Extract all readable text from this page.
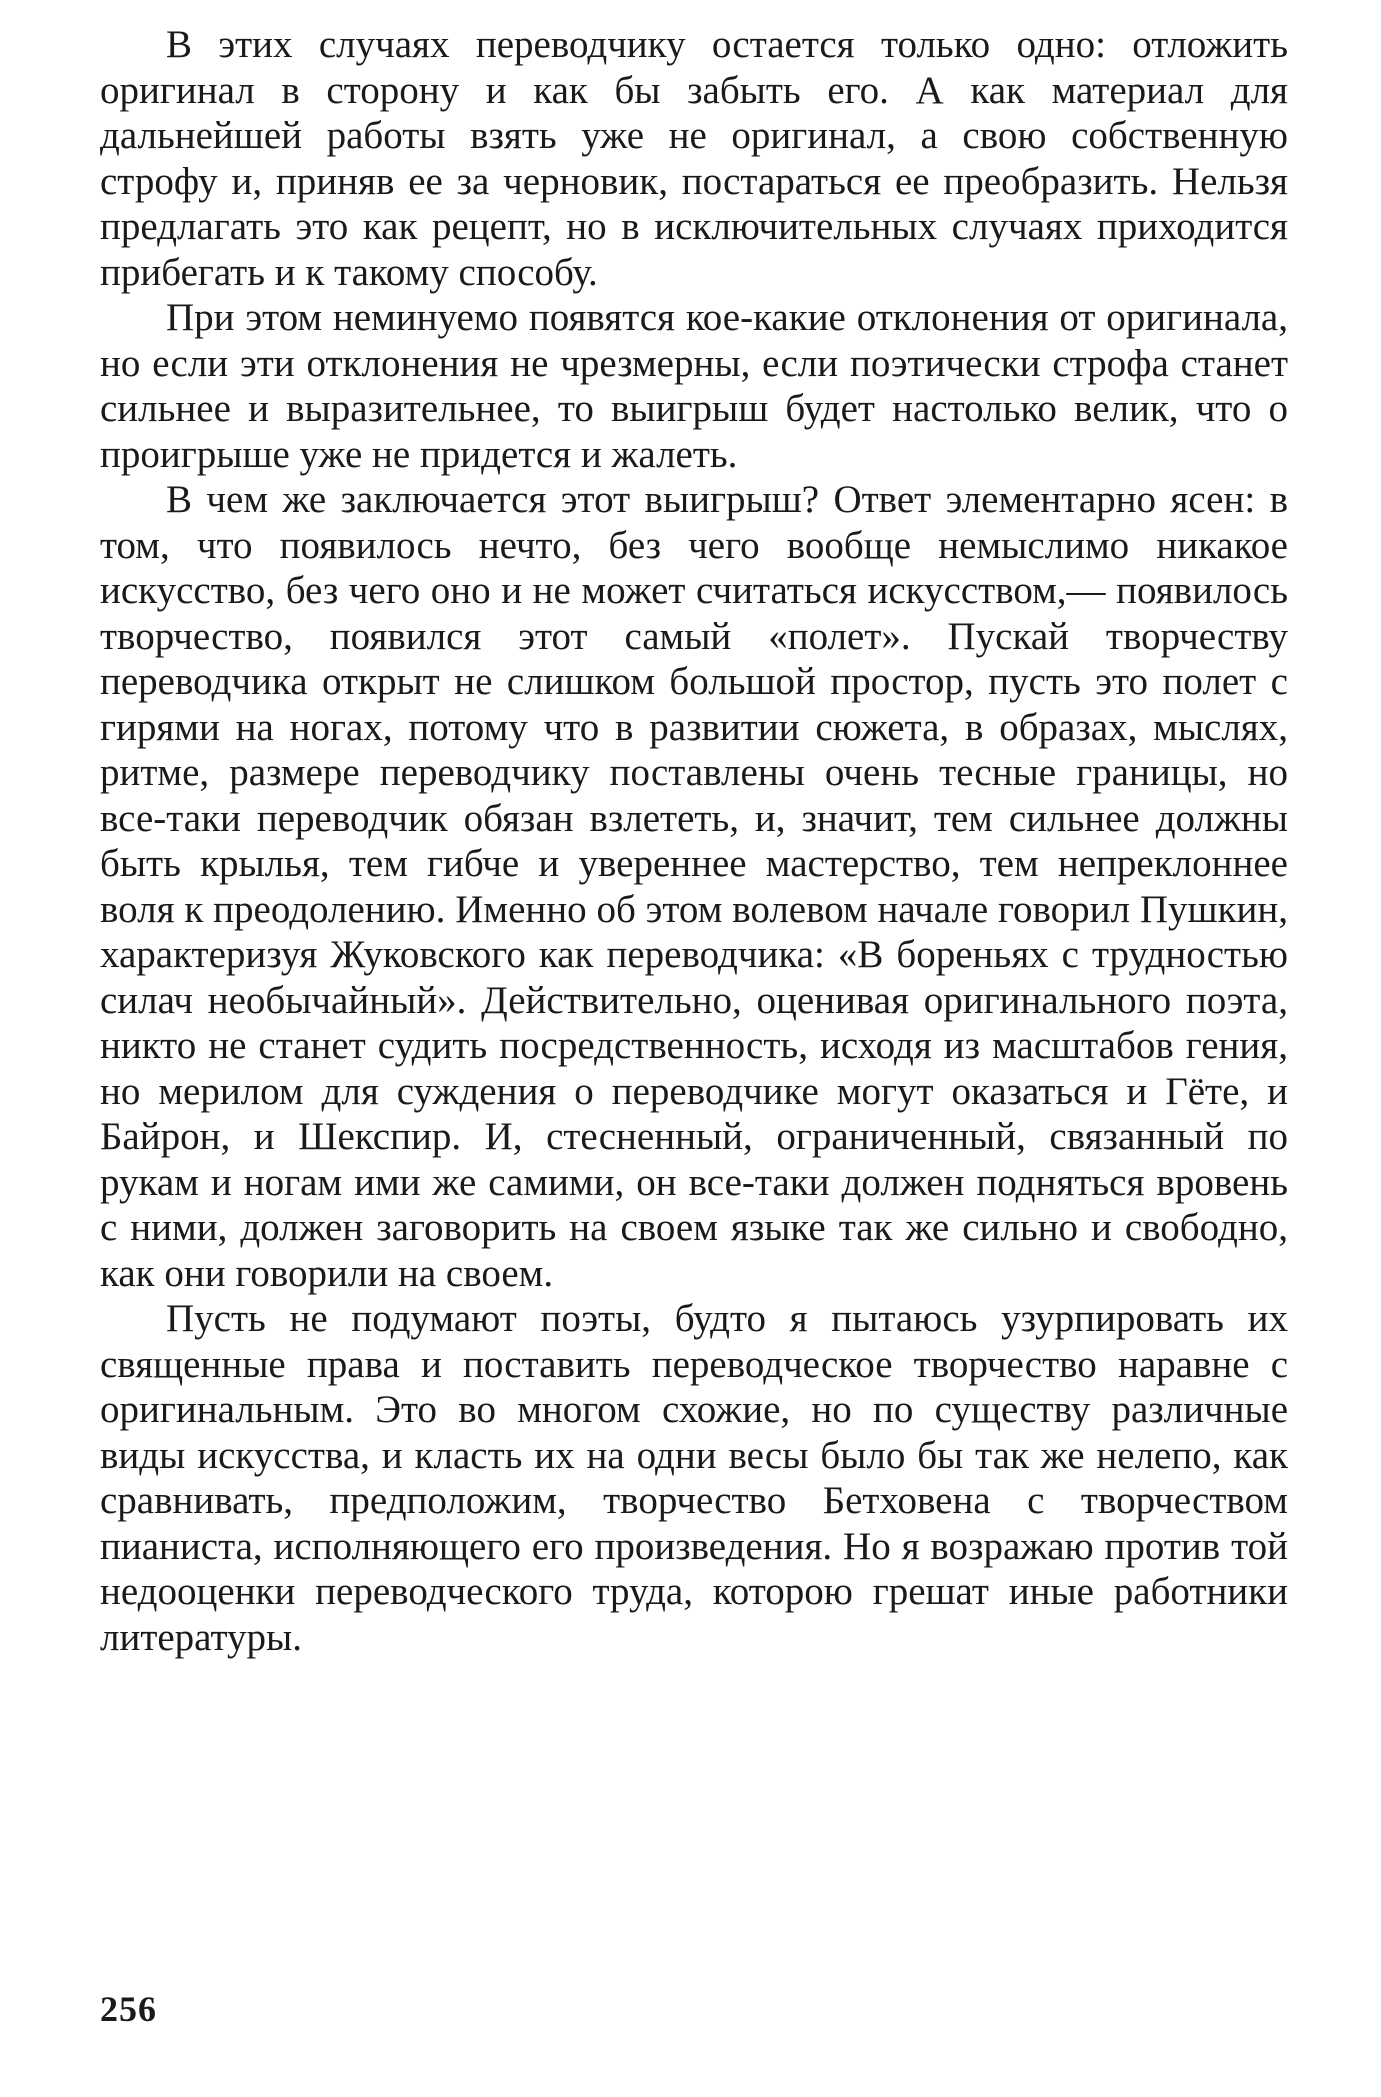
В этих случаях переводчику остается только одно: отложить оригинал в сторону и как бы забыть его. А как материал для дальнейшей работы взять уже не оригинал, а свою собственную строфу и, приняв ее за черновик, постараться ее преобразить. Нельзя предлагать это как рецепт, но в исключительных случаях приходится прибегать и к такому способу.

При этом неминуемо появятся кое-какие отклонения от оригинала, но если эти отклонения не чрезмерны, если поэтически строфа станет сильнее и выразительнее, то выигрыш будет настолько велик, что о проигрыше уже не придется и жалеть.

В чем же заключается этот выигрыш? Ответ элементарно ясен: в том, что появилось нечто, без чего вообще немыслимо никакое искусство, без чего оно и не может считаться искусством,— появилось творчество, появился этот самый «полет». Пускай творчеству переводчика открыт не слишком большой простор, пусть это полет с гирями на ногах, потому что в развитии сюжета, в образах, мыслях, ритме, размере переводчику поставлены очень тесные границы, но все-таки переводчик обязан взлететь, и, значит, тем сильнее должны быть крылья, тем гибче и увереннее мастерство, тем непреклоннее воля к преодолению. Именно об этом волевом начале говорил Пушкин, характеризуя Жуковского как переводчика: «В бореньях с трудностью силач необычайный». Действительно, оценивая оригинального поэта, никто не станет судить посредственность, исходя из масштабов гения, но мерилом для суждения о переводчике могут оказаться и Гёте, и Байрон, и Шекспир. И, стесненный, ограниченный, связанный по рукам и ногам ими же самими, он все-таки должен подняться вровень с ними, должен заговорить на своем языке так же сильно и свободно, как они говорили на своем.

Пусть не подумают поэты, будто я пытаюсь узурпировать их священные права и поставить переводческое творчество наравне с оригинальным. Это во многом схожие, но по существу различные виды искусства, и класть их на одни весы было бы так же нелепо, как сравнивать, предположим, творчество Бетховена с творчеством пианиста, исполняющего его произведения. Но я возражаю против той недооценки переводческого труда, которою грешат иные работники литературы.

256
